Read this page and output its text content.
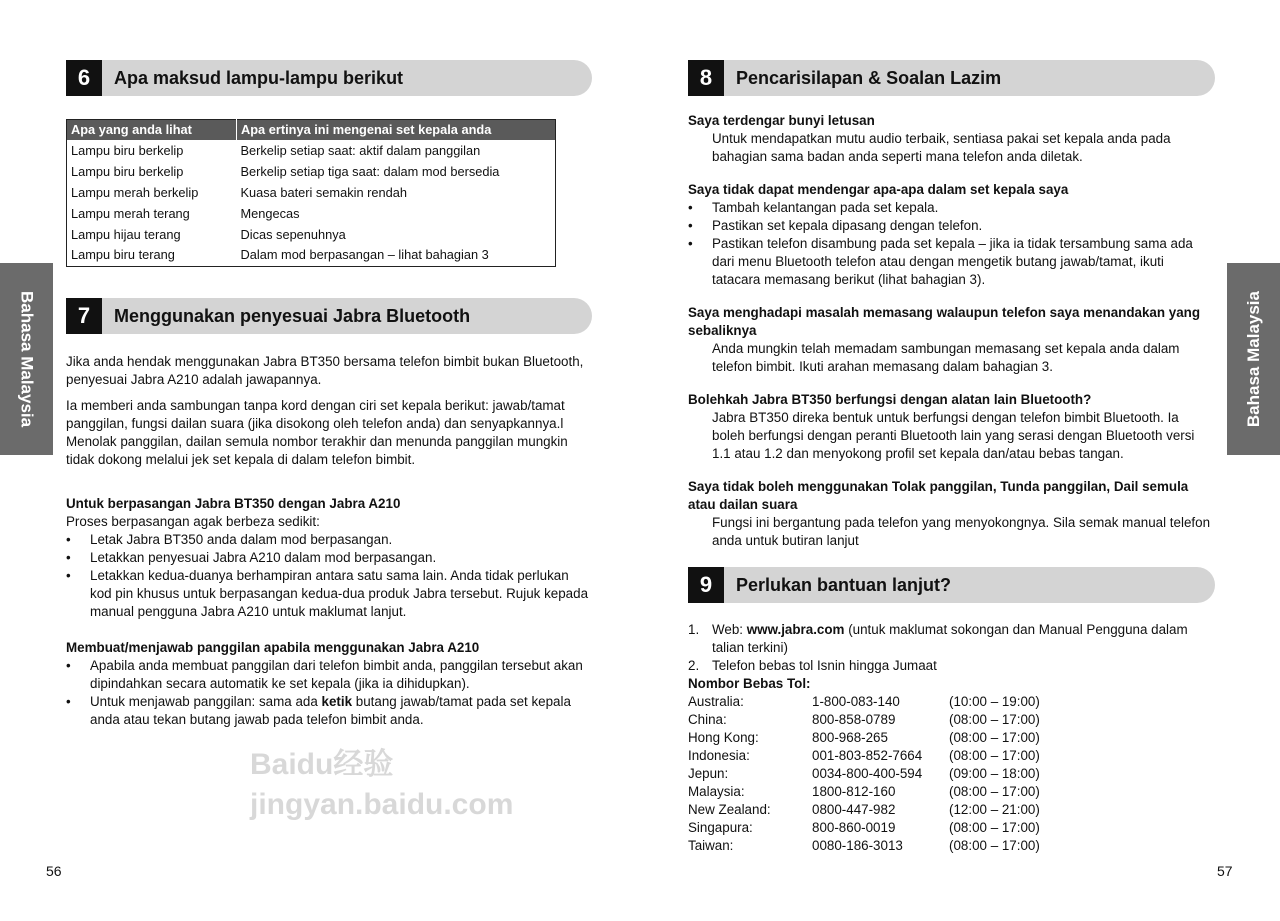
Bahasa Malaysia	Bahasa Malaysia
6	Apa maksud lampu-lampu berikut
Apa yang anda lihat	Apa ertinya ini mengenai set kepala anda
Lampu biru berkelip	Berkelip setiap saat: aktif dalam panggilan
Lampu biru berkelip	Berkelip setiap tiga saat: dalam mod bersedia
Lampu merah berkelip	Kuasa bateri semakin rendah
Lampu merah terang	Mengecas
Lampu hijau terang	Dicas sepenuhnya
Lampu biru terang	Dalam mod berpasangan – lihat bahagian 3
7	Menggunakan penyesuai Jabra Bluetooth

Jika anda hendak menggunakan Jabra BT350 bersama telefon bimbit bukan Bluetooth, penyesuai Jabra A210 adalah jawapannya.

Ia memberi anda sambungan tanpa kord dengan ciri set kepala berikut: jawab/tamat panggilan, fungsi dailan suara (jika disokong oleh telefon anda) dan senyapkannya.l Menolak panggilan, dailan semula nombor terakhir dan menunda panggilan mungkin tidak dokong melalui jek set kepala di dalam telefon bimbit.

Untuk berpasangan Jabra BT350 dengan Jabra A210

Proses berpasangan agak berbeza sedikit:

• Letak Jabra BT350 anda dalam mod berpasangan.
• Letakkan penyesuai Jabra A210 dalam mod berpasangan.
• Letakkan kedua-duanya berhampiran antara satu sama lain. Anda tidak perlukan kod pin khusus untuk berpasangan kedua-dua produk Jabra tersebut. Rujuk kepada manual pengguna Jabra A210 untuk maklumat lanjut.

Membuat/menjawab panggilan apabila menggunakan Jabra A210

• Apabila anda membuat panggilan dari telefon bimbit anda, panggilan tersebut akan dipindahkan secara automatik ke set kepala (jika ia dihidupkan).
• Untuk menjawab panggilan: sama ada ketik butang jawab/tamat pada set kepala anda atau tekan butang jawab pada telefon bimbit anda.
56
8	Pencarisilapan & Soalan Lazim

Saya terdengar bunyi letusan

Untuk mendapatkan mutu audio terbaik, sentiasa pakai set kepala anda pada bahagian sama badan anda seperti mana telefon anda diletak.

Saya tidak dapat mendengar apa-apa dalam set kepala saya

• Tambah kelantangan pada set kepala.
• Pastikan set kepala dipasang dengan telefon.
• Pastikan telefon disambung pada set kepala – jika ia tidak tersambung sama ada dari menu Bluetooth telefon atau dengan mengetik butang jawab/tamat, ikuti tatacara memasang berikut (lihat bahagian 3).

Saya menghadapi masalah memasang walaupun telefon saya menandakan yang sebaliknya

Anda mungkin telah memadam sambungan memasang set kepala anda dalam telefon bimbit. Ikuti arahan memasang dalam bahagian 3.

Bolehkah Jabra BT350 berfungsi dengan alatan lain Bluetooth?

Jabra BT350 direka bentuk untuk berfungsi dengan telefon bimbit Bluetooth. Ia boleh berfungsi dengan peranti Bluetooth lain yang serasi dengan Bluetooth versi 1.1 atau 1.2 dan menyokong profil set kepala dan/atau bebas tangan.

Saya tidak boleh menggunakan Tolak panggilan, Tunda panggilan, Dail semula atau dailan suara

Fungsi ini bergantung pada telefon yang menyokongnya. Sila semak manual telefon anda untuk butiran lanjut

9	Perlukan bantuan lanjut?
1. Web: www.jabra.com (untuk maklumat sokongan dan Manual Pengguna dalam talian terkini)
2. Telefon bebas tol Isnin hingga Jumaat

Nombor Bebas Tol:

Australia:	1-800-083-140	(10:00 – 19:00)
China:	800-858-0789	(08:00 – 17:00)
Hong Kong:	800-968-265	(08:00 – 17:00)
Indonesia:	001-803-852-7664	(08:00 – 17:00)
Jepun:	0034-800-400-594	(09:00 – 18:00)
Malaysia:	1800-812-160	(08:00 – 17:00)
New Zealand:	0800-447-982	(12:00 – 21:00)
Singapura:	800-860-0019	(08:00 – 17:00)
Taiwan:	0080-186-3013	(08:00 – 17:00)
57
Baidu经验 jingyan.baidu.com
